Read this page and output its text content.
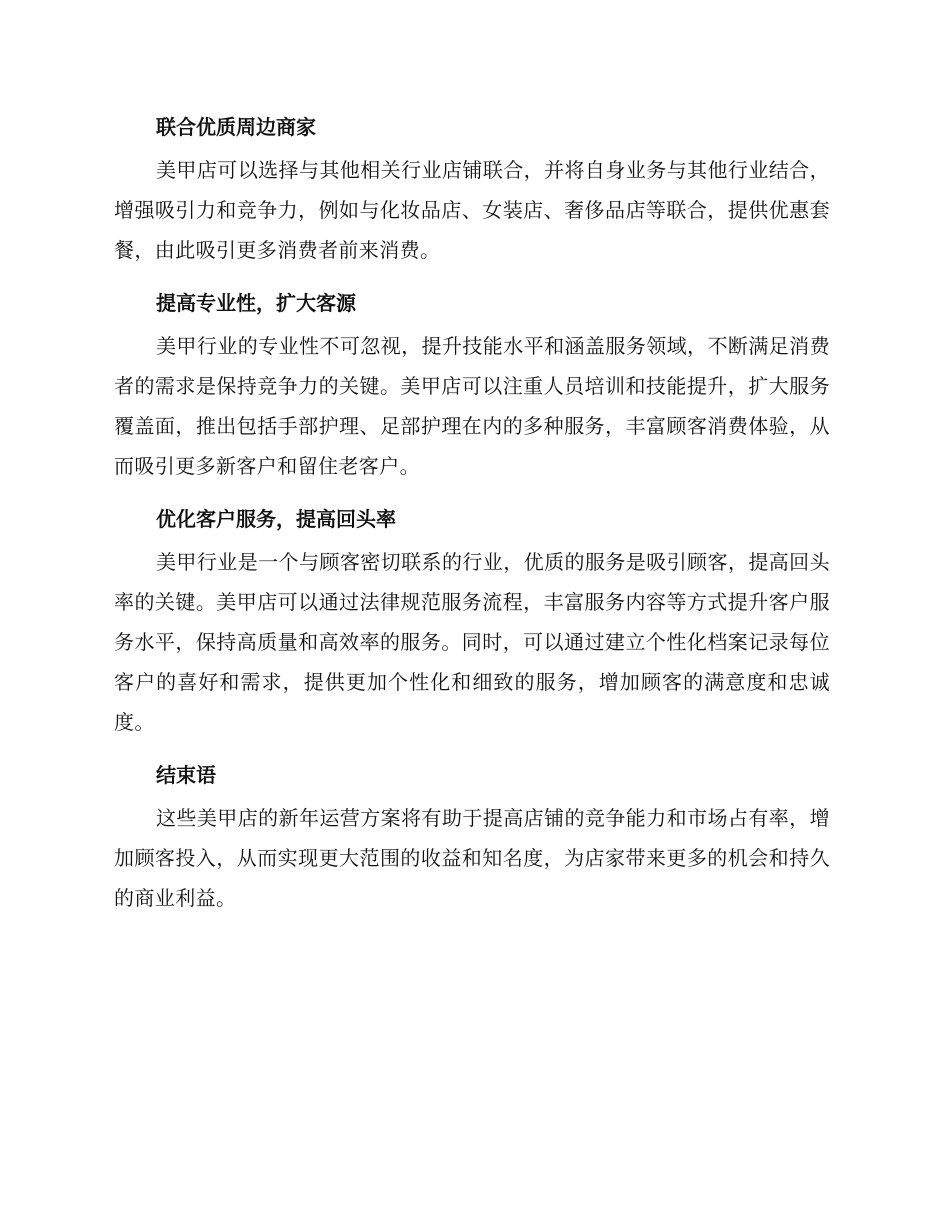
联合优质周边商家

美甲店可以选择与其他相关行业店铺联合，并将自身业务与其他行业结合，增强吸引力和竞争力，例如与化妆品店、女装店、奢侈品店等联合，提供优惠套餐，由此吸引更多消费者前来消费。

提高专业性，扩大客源

美甲行业的专业性不可忽视，提升技能水平和涵盖服务领域，不断满足消费者的需求是保持竞争力的关键。美甲店可以注重人员培训和技能提升，扩大服务覆盖面，推出包括手部护理、足部护理在内的多种服务，丰富顾客消费体验，从而吸引更多新客户和留住老客户。

优化客户服务，提高回头率

美甲行业是一个与顾客密切联系的行业，优质的服务是吸引顾客，提高回头率的关键。美甲店可以通过法律规范服务流程，丰富服务内容等方式提升客户服务水平，保持高质量和高效率的服务。同时，可以通过建立个性化档案记录每位客户的喜好和需求，提供更加个性化和细致的服务，增加顾客的满意度和忠诚度。

结束语

这些美甲店的新年运营方案将有助于提高店铺的竞争能力和市场占有率，增加顾客投入，从而实现更大范围的收益和知名度，为店家带来更多的机会和持久的商业利益。
